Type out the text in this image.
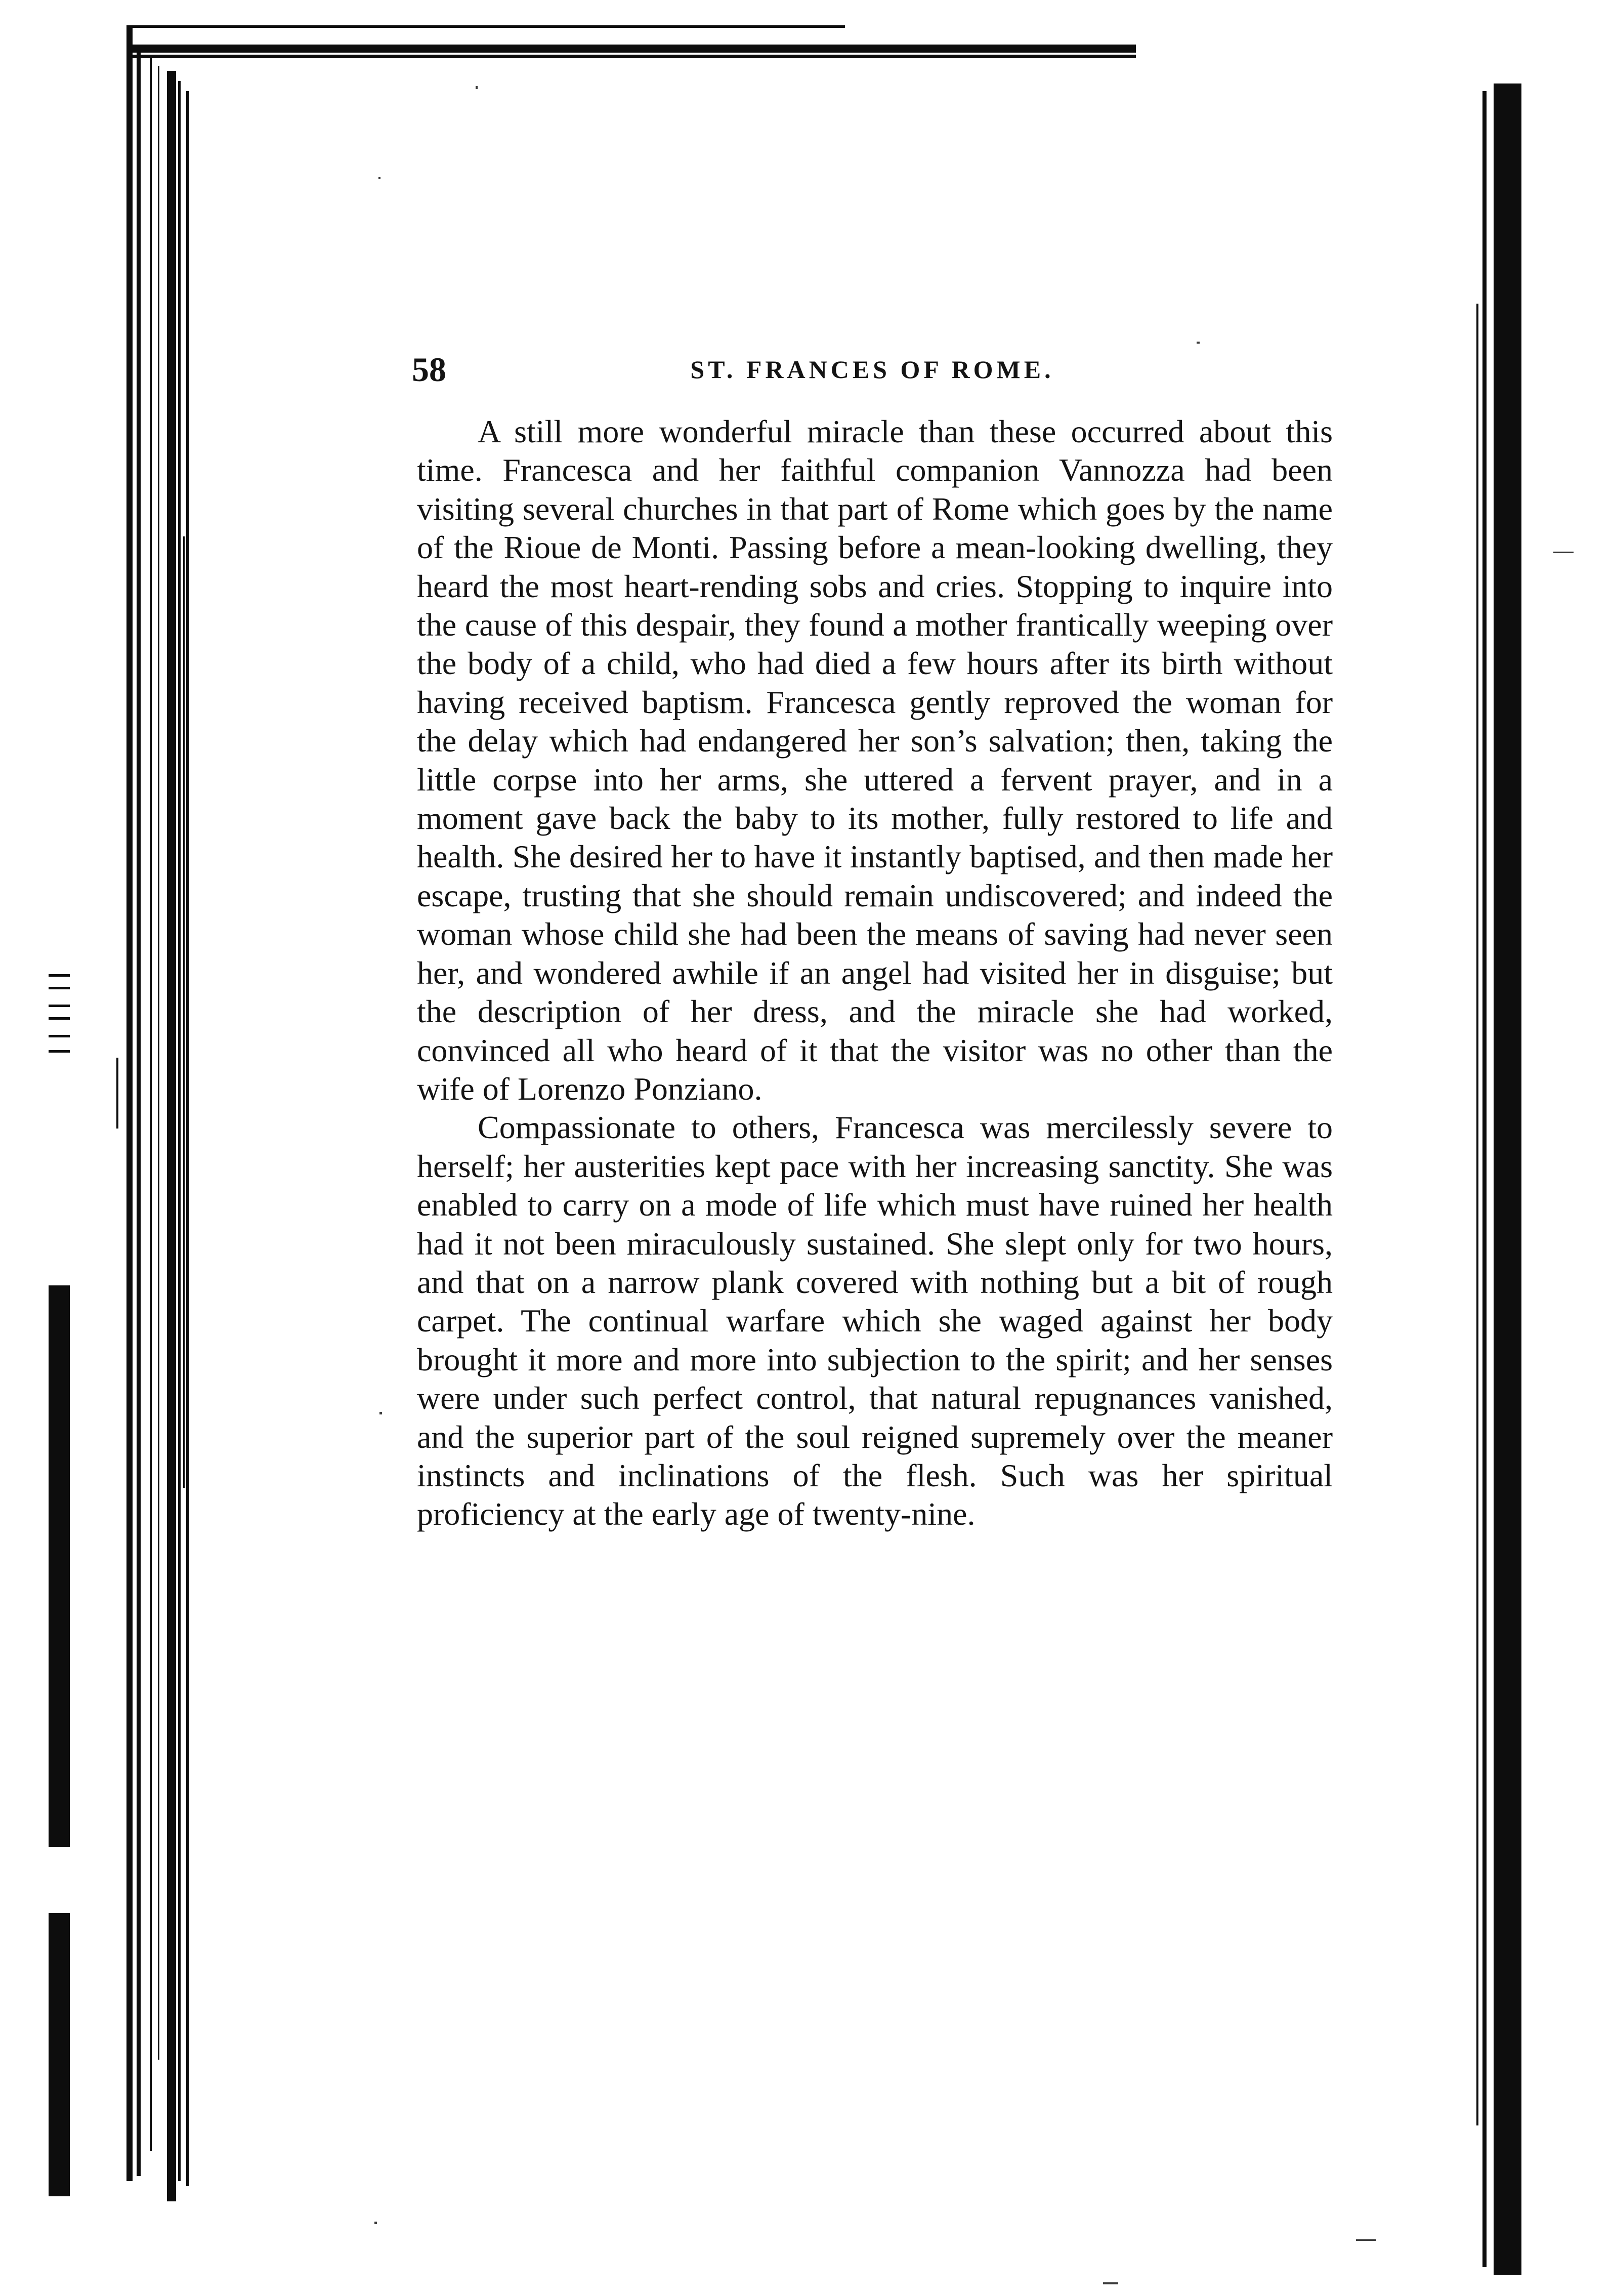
58	ST. FRANCES OF ROME.

A still more wonderful miracle than these occurred about this time. Francesca and her faithful companion Vannozza had been visiting several churches in that part of Rome which goes by the name of the Rioue de Monti. Passing before a mean-looking dwelling, they heard the most heart-rending sobs and cries. Stopping to inquire into the cause of this despair, they found a mother frantically weeping over the body of a child, who had died a few hours after its birth without having received baptism. Francesca gently reproved the woman for the delay which had endangered her son’s salvation; then, taking the little corpse into her arms, she uttered a fervent prayer, and in a moment gave back the baby to its mother, fully restored to life and health. She desired her to have it instantly baptised, and then made her escape, trusting that she should remain undiscovered; and indeed the woman whose child she had been the means of saving had never seen her, and wondered awhile if an angel had visited her in disguise; but the description of her dress, and the miracle she had worked, convinced all who heard of it that the visitor was no other than the wife of Lorenzo Ponziano.

Compassionate to others, Francesca was mercilessly severe to herself; her austerities kept pace with her increasing sanctity. She was enabled to carry on a mode of life which must have ruined her health had it not been miraculously sustained. She slept only for two hours, and that on a narrow plank covered with nothing but a bit of rough carpet. The continual warfare which she waged against her body brought it more and more into subjection to the spirit; and her senses were under such perfect control, that natural repugnances vanished, and the superior part of the soul reigned supremely over the meaner instincts and inclinations of the flesh. Such was her spiritual proficiency at the early age of twenty-nine.
